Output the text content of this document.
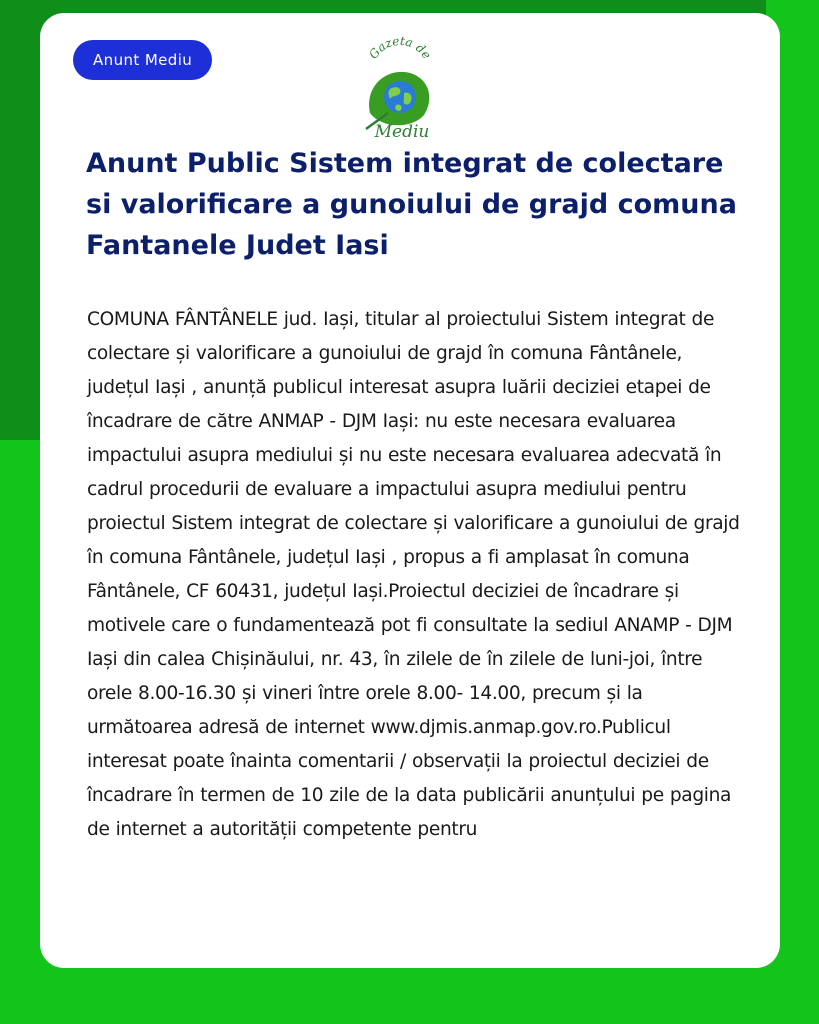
Anunt Mediu	Gazeta de
Mediu
Anunt Public Sistem integrat de colectare si valorificare a gunoiului de grajd comuna Fantanele Judet Iasi

COMUNA FÂNTÂNELE jud. Iași, titular al proiectului Sistem integrat de colectare și valorificare a gunoiului de grajd în comuna Fântânele, județul Iași , anunță publicul interesat asupra luării deciziei etapei de încadrare de către ANMAP - DJM Iași: nu este necesara evaluarea impactului asupra mediului și nu este necesara evaluarea adecvată în cadrul procedurii de evaluare a impactului asupra mediului pentru proiectul Sistem integrat de colectare și valorificare a gunoiului de grajd în comuna Fântânele, județul Iași , propus a fi amplasat în comuna Fântânele, CF 60431, județul Iași.Proiectul deciziei de încadrare și motivele care o fundamentează pot fi consultate la sediul ANAMP - DJM Iași din calea Chișinăului, nr. 43, în zilele de în zilele de luni-joi, între orele 8.00-16.30 și vineri între orele 8.00- 14.00, precum și la următoarea adresă de internet www.djmis.anmap.gov.ro.Publicul interesat poate înainta comentarii / observații la proiectul deciziei de încadrare în termen de 10 zile de la data publicării anunțului pe pagina de internet a autorității competente pentru
